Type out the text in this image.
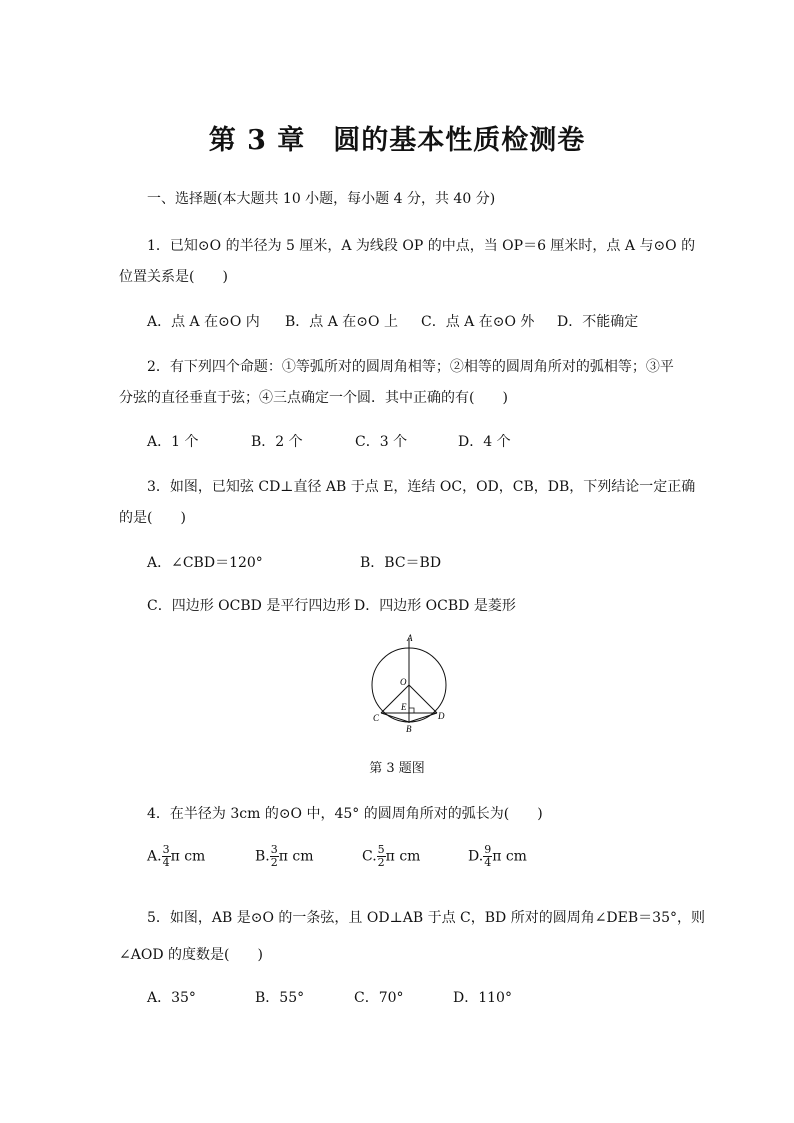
第 3 章　圆的基本性质检测卷
一、选择题(本大题共 10 小题，每小题 4 分，共 40 分)
1．已知⊙O 的半径为 5 厘米，A 为线段 OP 的中点，当 OP＝6 厘米时，点 A 与⊙O 的
位置关系是(　　)
A．点 A 在⊙O 内 B．点 A 在⊙O 上 C．点 A 在⊙O 外 D．不能确定
2．有下列四个命题：①等弧所对的圆周角相等；②相等的圆周角所对的弧相等；③平
分弦的直径垂直于弦；④三点确定一个圆．其中正确的有(　　)
A．1 个	B．2 个	C．3 个	D．4 个
3．如图，已知弦 CD⊥直径 AB 于点 E，连结 OC，OD，CB，DB，下列结论一定正确
的是(　　)
A．∠CBD＝120°	B．BC＝BD
C．四边形 OCBD 是平行四边形 D．四边形 OCBD 是菱形
A
O
E
C	D
B
第 3 题图
4．在半径为 3cm 的⊙O 中，45° 的圆周角所对的弧长为(　　)
A. $\frac{3}{4}$ π cm	B. $\frac{3}{2}$ π cm	C. $\frac{5}{2}$ π cm	D. $\frac{9}{4}$ π cm
5．如图，AB 是⊙O 的一条弦，且 OD⊥AB 于点 C，BD 所对的圆周角∠DEB＝35°，则
∠AOD 的度数是(　　)
A．35°	B．55°	C．70°	D．110°
